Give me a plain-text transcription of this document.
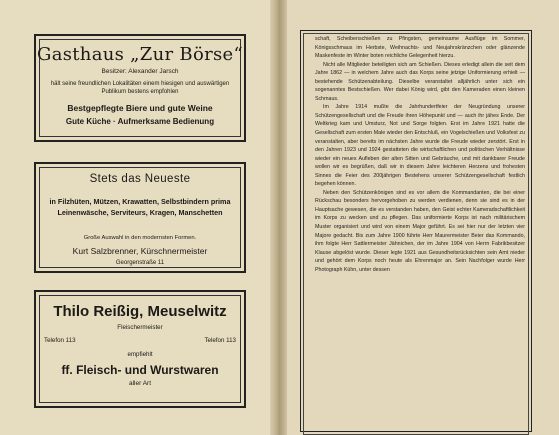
Gasthaus „Zur Börse“
Besitzer: Alexander Jarsch
hält seine freundlichen Lokalitäten einem hiesigen und auswärtigen Publikum bestens empfohlen
Bestgepflegte Biere und gute Weine
Gute Küche · Aufmerksame Bedienung
Stets das Neueste
in Filzhüten, Mützen, Krawatten, Selbstbindern prima Leinenwäsche, Serviteurs, Kragen, Manschetten
Große Auswahl in den modernsten Formen.
Kurt Salzbrenner, Kürschnermeister
Georgenstraße 11
Thilo Reißig, Meuselwitz
Fleischermeister
Telefon 113	Telefon 113
empfiehlt
ff. Fleisch- und Wurstwaren
aller Art

schaft, Scheibenschießen zu Pfingsten, gemeinsame Ausflüge im Sommer, Königsschmaus im Herbste, Weihnachts- und Neujahrskränzchen oder glänzende Maskenfeste im Winter boten reichliche Gelegenheit hierzu.

Nicht alle Mitglieder beteiligten sich am Schießen. Dieses erledigt allein die seit dem Jahre 1862 — in welchem Jahre auch das Korps seine jetzige Uniformierung erhielt — bestehende Schützenabteilung. Dieselbe veranstaltet alljährlich unter sich ein sogenanntes Bestschießen. Wer dabei König wird, gibt den Kameraden einen kleinen Schmaus.

Im Jahre 1914 mußte die Jahrhundertfeier der Neugründung unserer Schützengesellschaft und die Freude ihren Höhepunkt und — auch ihr jähes Ende. Der Weltkrieg kam und Umsturz, Not und Sorge folgten. Erst im Jahre 1921 hatte die Gesellschaft zum ersten Male wieder den Entschluß, ein Vogelschießen und Volksfest zu veranstalten, aber bereits im nächsten Jahre wurde die Freude wieder zerstört. Erst in den Jahren 1923 und 1924 gestatteten die wirtschaftlichen und politischen Verhältnisse wieder ein neues Aufleben der alten Sitten und Gebräuche, und mit dankbarer Freude wollen wir es begrüßen, daß wir in diesem Jahre leichteren Herzens und frohesten Sinnes die Feier des 200jährigen Bestehens unserer Schützengesellschaft festlich begehen können.

Neben den Schützenkönigen sind es vor allem die Kommandanten, die bei einer Rückschau besonders hervorgehoben zu werden verdienen, denn sie sind es in der Hauptsache gewesen, die es verstanden haben, den Geist echter Kameradschaftlichkeit im Korps zu wecken und zu pflegen. Das uniformierte Korps ist nach militärischem Muster organisiert und wird von einem Major geführt. Es sei hier nur der letzten vier Majore gedacht. Bis zum Jahre 1900 führte Herr Maurermeister Beier das Kommando, ihm folgte Herr Sattlermeister Jähnichen, der im Jahre 1904 von Herrn Fabrikbesitzer Klause abgelöst wurde. Dieser legte 1921 aus Gesundheitsrücksichten sein Amt nieder und gehört dem Korps noch heute als Ehrenmajor an. Sein Nachfolger wurde Herr Photograph Kühn, unter dessen
